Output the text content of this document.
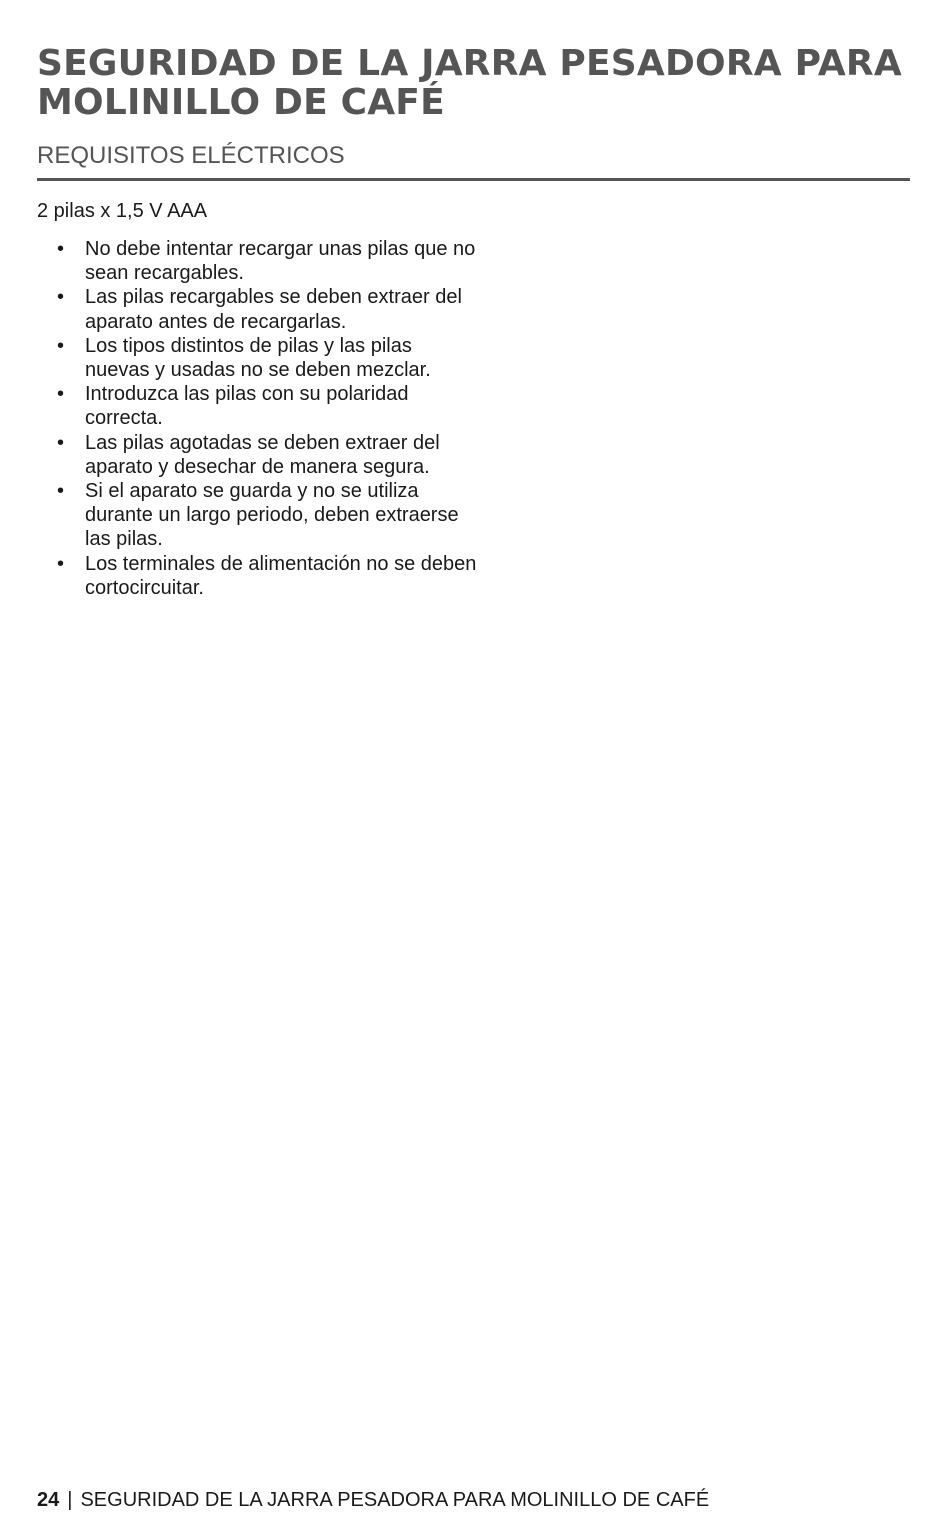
SEGURIDAD DE LA JARRA PESADORA PARA MOLINILLO DE CAFÉ
REQUISITOS ELÉCTRICOS

2 pilas x 1,5 V AAA

• No debe intentar recargar unas pilas que no sean recargables.
• Las pilas recargables se deben extraer del aparato antes de recargarlas.
• Los tipos distintos de pilas y las pilas nuevas y usadas no se deben mezclar.
• Introduzca las pilas con su polaridad correcta.
• Las pilas agotadas se deben extraer del aparato y desechar de manera segura.
• Si el aparato se guarda y no se utiliza durante un largo periodo, deben extraerse las pilas.
• Los terminales de alimentación no se deben cortocircuitar.
24 | SEGURIDAD DE LA JARRA PESADORA PARA MOLINILLO DE CAFÉ
